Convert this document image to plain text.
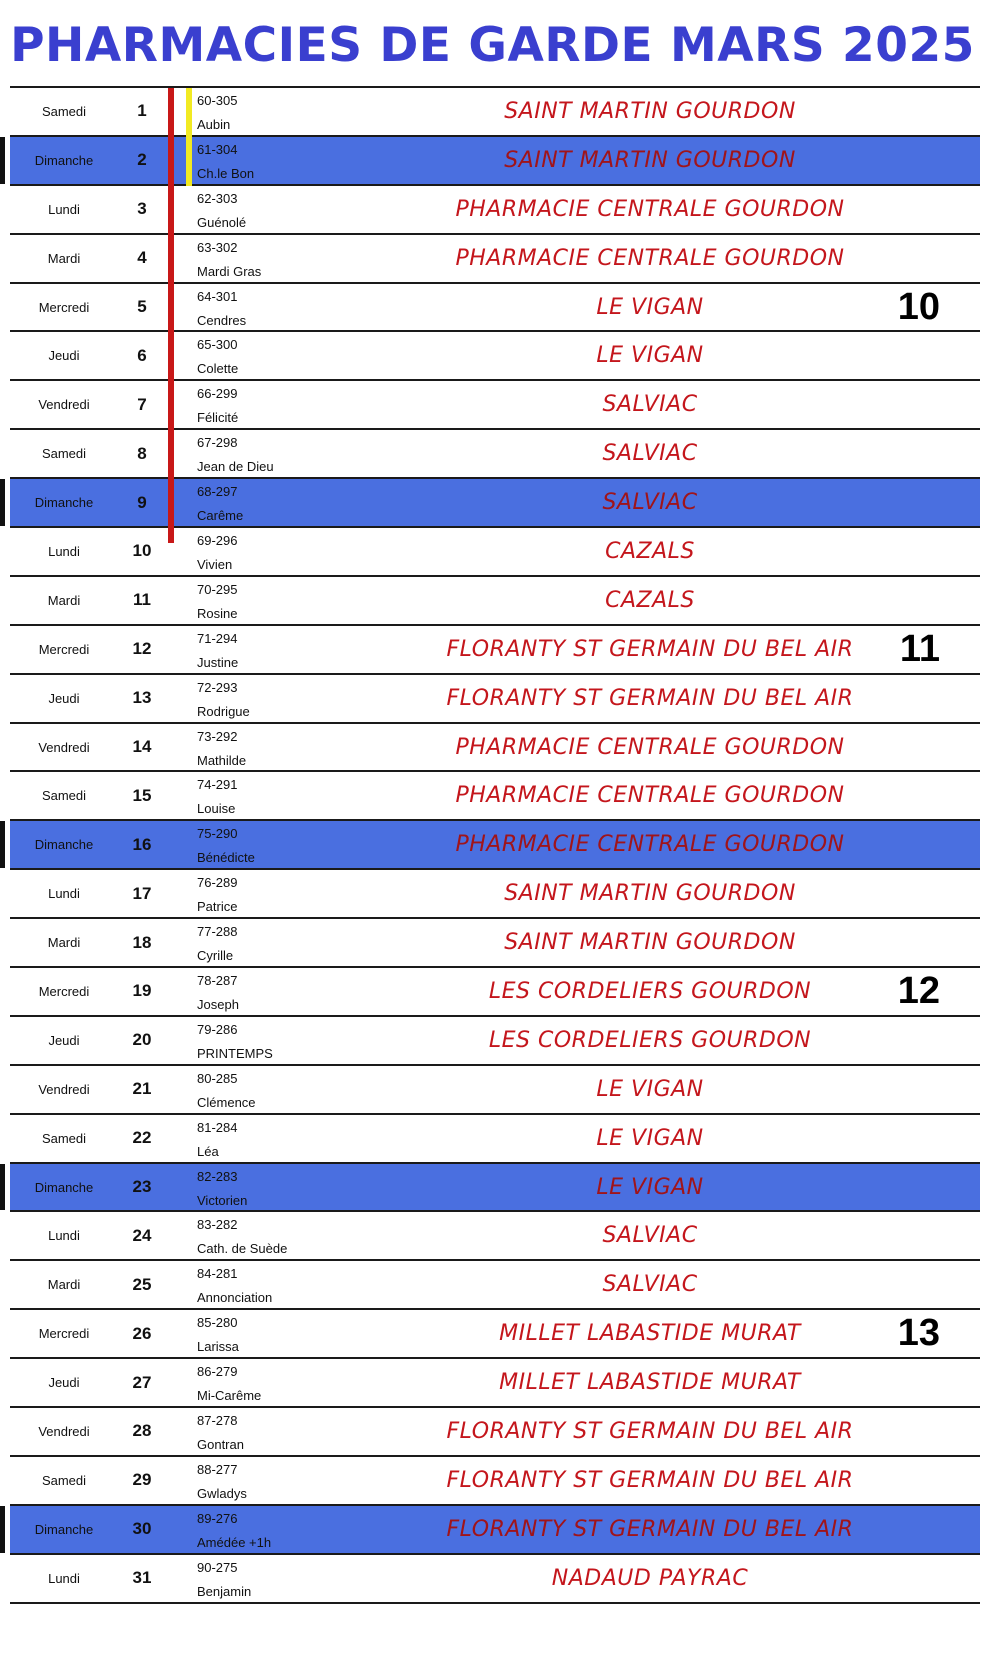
PHARMACIES DE GARDE MARS 2025
Samedi	1
60-305
Aubin
SAINT MARTIN GOURDON
Dimanche	2
61-304
Ch.le Bon
SAINT MARTIN GOURDON
Lundi	3
62-303
Guénolé
PHARMACIE CENTRALE GOURDON
Mardi	4
63-302
Mardi Gras
PHARMACIE CENTRALE GOURDON
Mercredi	5
64-301
Cendres
LE VIGAN	10
Jeudi	6
65-300
Colette
LE VIGAN
Vendredi	7
66-299
Félicité
SALVIAC
Samedi	8
67-298
Jean de Dieu
SALVIAC
Dimanche	9
68-297
Carême
SALVIAC
Lundi	10
69-296
Vivien
CAZALS
Mardi	11
70-295
Rosine
CAZALS
Mercredi	12
71-294
Justine
FLORANTY ST GERMAIN DU BEL AIR	11
Jeudi	13
72-293
Rodrigue
FLORANTY ST GERMAIN DU BEL AIR
Vendredi	14
73-292
Mathilde
PHARMACIE CENTRALE GOURDON
Samedi	15
74-291
Louise
PHARMACIE CENTRALE GOURDON
Dimanche	16
75-290
Bénédicte
PHARMACIE CENTRALE GOURDON
Lundi	17
76-289
Patrice
SAINT MARTIN GOURDON
Mardi	18
77-288
Cyrille
SAINT MARTIN GOURDON
Mercredi	19
78-287
Joseph
LES CORDELIERS GOURDON	12
Jeudi	20
79-286
PRINTEMPS
LES CORDELIERS GOURDON
Vendredi	21
80-285
Clémence
LE VIGAN
Samedi	22
81-284
Léa
LE VIGAN
Dimanche	23
82-283
Victorien
LE VIGAN
Lundi	24
83-282
Cath. de Suède
SALVIAC
Mardi	25
84-281
Annonciation
SALVIAC
Mercredi	26
85-280
Larissa
MILLET LABASTIDE MURAT	13
Jeudi	27
86-279
Mi-Carême
MILLET LABASTIDE MURAT
Vendredi	28
87-278
Gontran
FLORANTY ST GERMAIN DU BEL AIR
Samedi	29
88-277
Gwladys
FLORANTY ST GERMAIN DU BEL AIR
Dimanche	30
89-276
Amédée +1h
FLORANTY ST GERMAIN DU BEL AIR
Lundi	31
90-275
Benjamin
NADAUD PAYRAC
